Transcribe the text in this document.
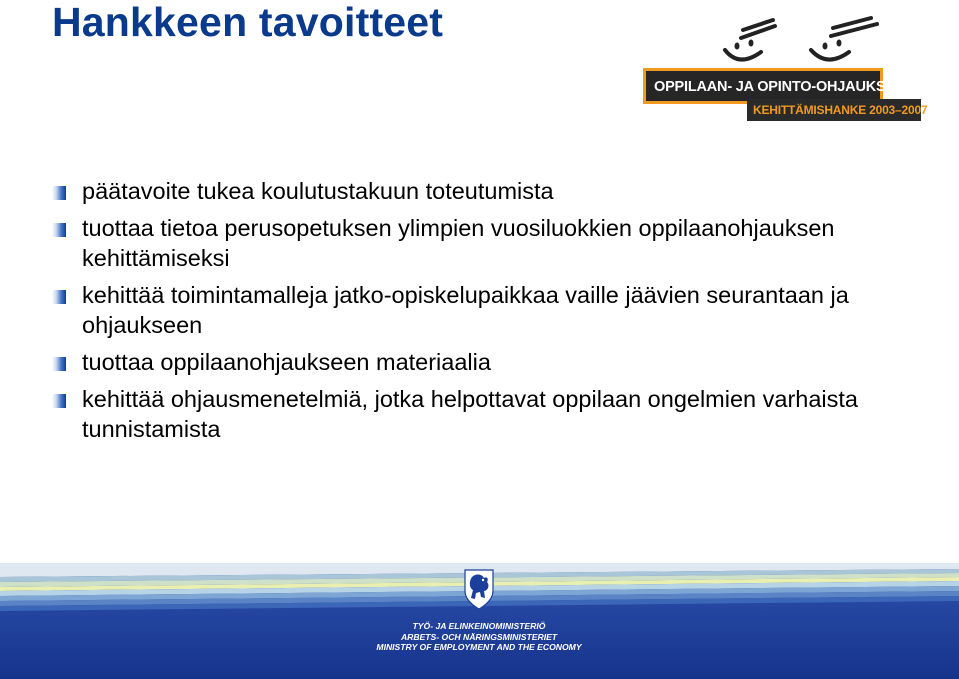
Hankkeen tavoitteet
OPPILAAN- JA OPINTO-OHJAUKSEN
KEHITTÄMISHANKE 2003–2007
päätavoite tukea koulutustakuun toteutumista
tuottaa tietoa perusopetuksen ylimpien vuosiluokkien oppilaanohjauksen kehittämiseksi
kehittää toimintamalleja jatko-opiskelupaikkaa vaille jäävien seurantaan ja ohjaukseen
tuottaa oppilaanohjaukseen materiaalia
kehittää ohjausmenetelmiä, jotka helpottavat oppilaan ongelmien varhaista tunnistamista
TYÖ- JA ELINKEINOMINISTERIÖ
ARBETS- OCH NÄRINGSMINISTERIET
MINISTRY OF EMPLOYMENT AND THE ECONOMY
